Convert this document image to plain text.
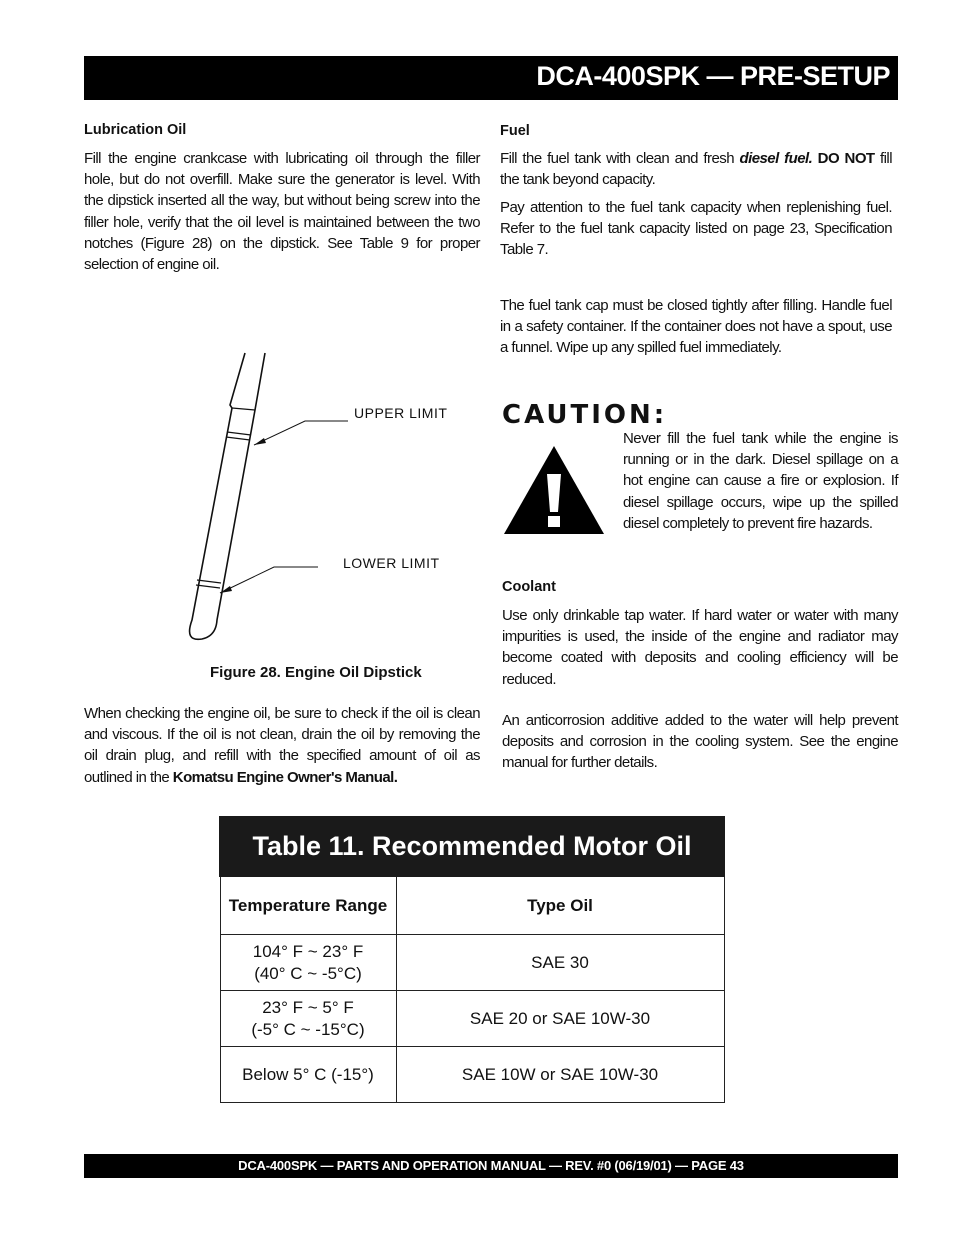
DCA-400SPK — PRE-SETUP
Lubrication Oil
Fill the engine crankcase with lubricating oil through the filler hole, but do not overfill. Make sure the generator is level. With the dipstick inserted all the way, but without being screw into the filler hole, verify that the oil level is maintained between the two notches (Figure 28) on the dipstick. See Table 9 for proper selection of engine oil.
UPPER LIMIT
LOWER LIMIT
Figure 28. Engine Oil Dipstick
When checking the engine oil, be sure to check if the oil is clean and viscous. If the oil is not clean, drain the oil by removing the oil drain plug, and refill with the specified amount of oil as outlined in the Komatsu Engine Owner's Manual.
Fuel
Fill the fuel tank with clean and fresh diesel fuel. DO NOT fill the tank beyond capacity.
Pay attention to the fuel tank capacity when replenishing fuel. Refer to the fuel tank capacity listed on page 23, Specification Table 7.
The fuel tank cap must be closed tightly after filling. Handle fuel in a safety container. If the container does not have a spout, use a funnel. Wipe up any spilled fuel immediately.
CAUTION:
Never fill the fuel tank while the engine is running or in the dark. Diesel spillage on a hot engine can cause a fire or explosion. If diesel spillage occurs, wipe up the spilled diesel completely to prevent fire hazards.
Coolant
Use only drinkable tap water. If hard water or water with many impurities is used, the inside of the engine and radiator may become coated with deposits and cooling efficiency will be reduced.
An anticorrosion additive added to the water will help prevent deposits and corrosion in the cooling system. See the engine manual for further details.
Table 11. Recommended Motor Oil	
Temperature Range	Type Oil
104° F ~ 23° F
(40° C ~ -5°C)	SAE 30
23° F ~ 5° F
(-5° C ~ -15°C)	SAE 20 or SAE 10W-30
Below 5° C (-15°)	SAE 10W or SAE 10W-30
DCA-400SPK — PARTS AND OPERATION MANUAL — REV. #0 (06/19/01) — PAGE 43
